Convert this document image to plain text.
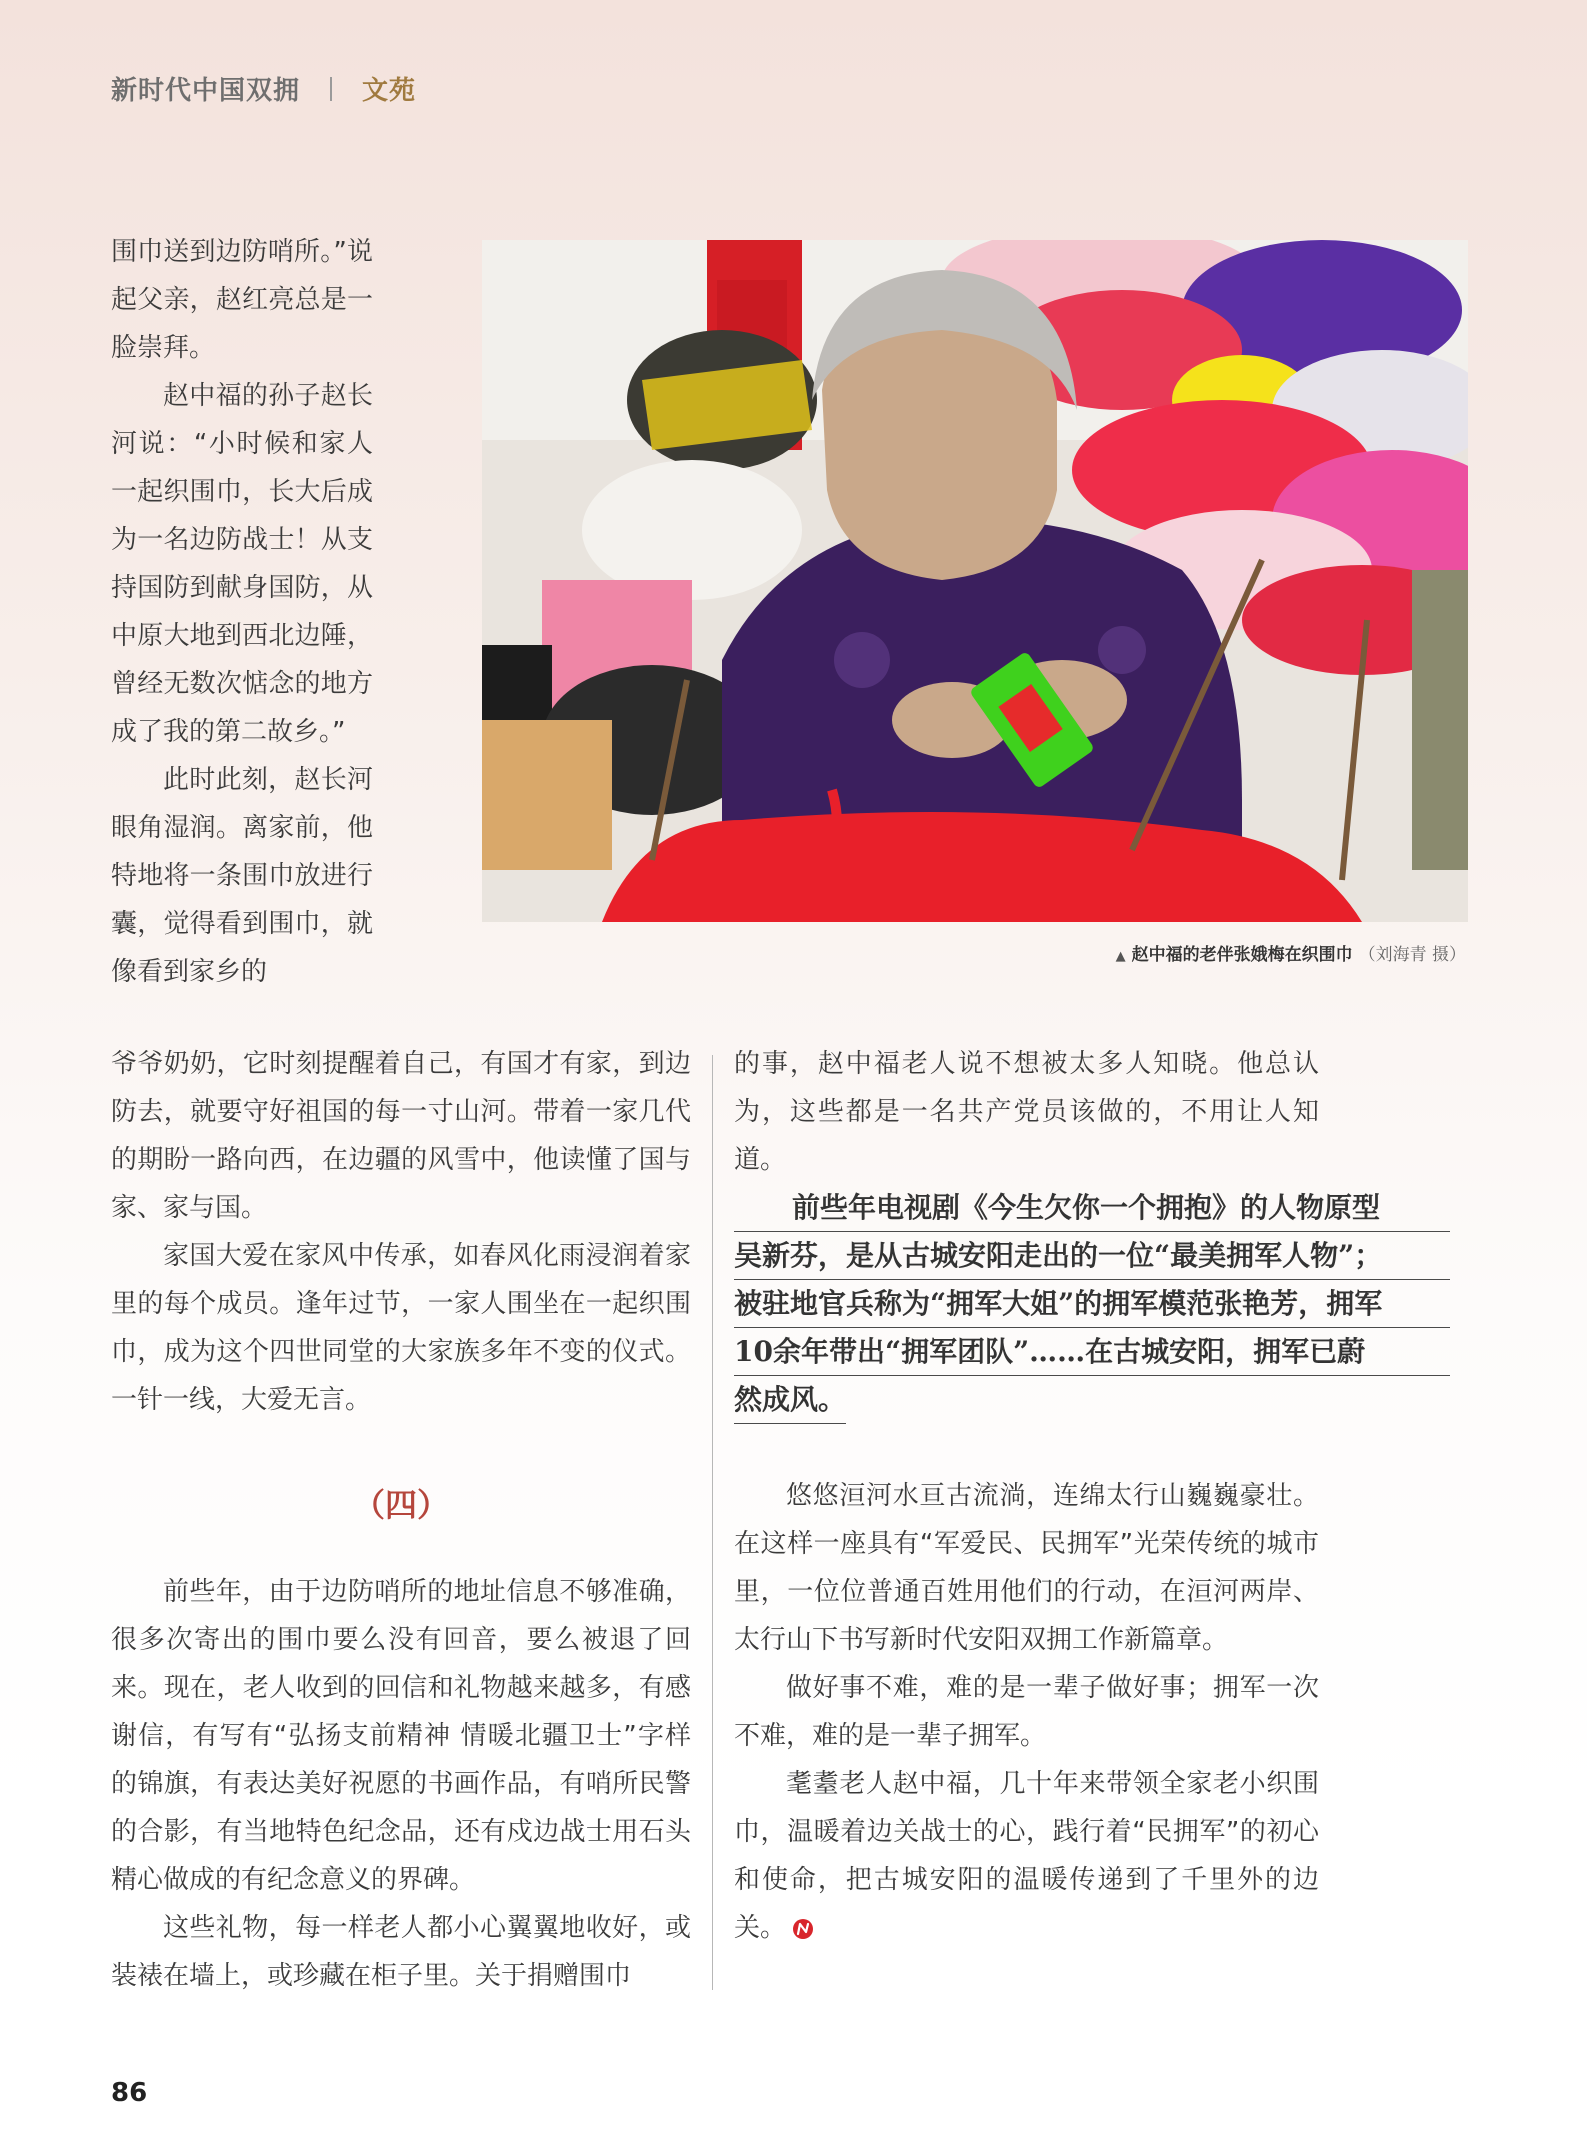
新时代中国双拥 文苑
▲ 赵中福的老伴张娥梅在织围巾 （刘海青 摄）

围巾送到边防哨所。”说起父亲，赵红亮总是一脸崇拜。

赵中福的孙子赵长河说：“小时候和家人一起织围巾，长大后成为一名边防战士！从支持国防到献身国防，从中原大地到西北边陲，曾经无数次惦念的地方成了我的第二故乡。”

此时此刻，赵长河眼角湿润。离家前，他特地将一条围巾放进行囊，觉得看到围巾，就像看到家乡的

爷爷奶奶，它时刻提醒着自己，有国才有家，到边防去，就要守好祖国的每一寸山河。带着一家几代的期盼一路向西，在边疆的风雪中，他读懂了国与家、家与国。

家国大爱在家风中传承，如春风化雨浸润着家里的每个成员。逢年过节，一家人围坐在一起织围巾，成为这个四世同堂的大家族多年不变的仪式。一针一线，大爱无言。

（四）

前些年，由于边防哨所的地址信息不够准确，很多次寄出的围巾要么没有回音，要么被退了回来。现在，老人收到的回信和礼物越来越多，有感谢信，有写有“弘扬支前精神 情暖北疆卫士”字样的锦旗，有表达美好祝愿的书画作品，有哨所民警的合影，有当地特色纪念品，还有戍边战士用石头精心做成的有纪念意义的界碑。

这些礼物，每一样老人都小心翼翼地收好，或装裱在墙上，或珍藏在柜子里。关于捐赠围巾

的事，赵中福老人说不想被太多人知晓。他总认为，这些都是一名共产党员该做的，不用让人知道。

前些年电视剧《今生欠你一个拥抱》的人物原型
吴新芬，是从古城安阳走出的一位“最美拥军人物”；
被驻地官兵称为“拥军大姐”的拥军模范张艳芳，拥军
10余年带出“拥军团队”……在古城安阳，拥军已蔚
然成风。

悠悠洹河水亘古流淌，连绵太行山巍巍豪壮。在这样一座具有“军爱民、民拥军”光荣传统的城市里，一位位普通百姓用他们的行动，在洹河两岸、太行山下书写新时代安阳双拥工作新篇章。

做好事不难，难的是一辈子做好事；拥军一次不难，难的是一辈子拥军。

耄耋老人赵中福，几十年来带领全家老小织围巾，温暖着边关战士的心，践行着“民拥军”的初心和使命，把古城安阳的温暖传递到了千里外的边关。

86
